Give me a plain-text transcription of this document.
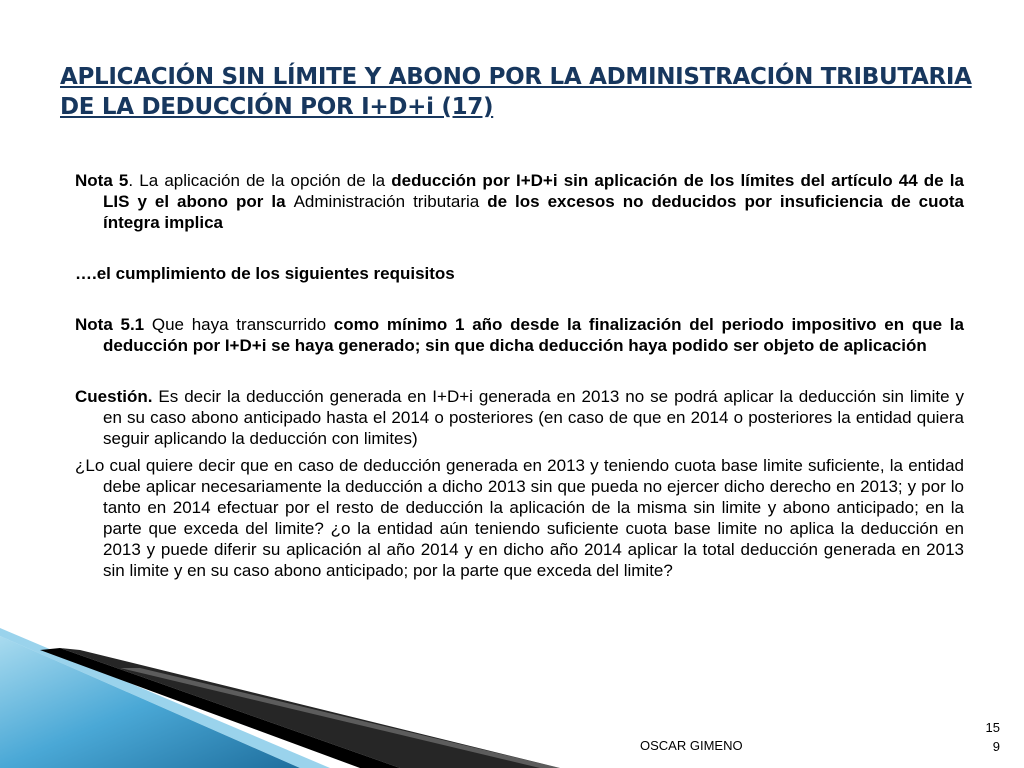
APLICACIÓN SIN LÍMITE Y ABONO POR LA ADMINISTRACIÓN TRIBUTARIA DE LA DEDUCCIÓN POR I+D+i (17)

Nota 5. La aplicación de la opción de la deducción por I+D+i sin aplicación de los límites del artículo 44 de la LIS y el abono por la Administración tributaria de los excesos no deducidos por insuficiencia de cuota íntegra implica

….el cumplimiento de los siguientes requisitos

Nota 5.1 Que haya transcurrido como mínimo 1 año desde la finalización del periodo impositivo en que la deducción por I+D+i se haya generado; sin que dicha deducción haya podido ser objeto de aplicación

Cuestión. Es decir la deducción generada en I+D+i generada en 2013 no se podrá aplicar la deducción sin limite y en su caso abono anticipado hasta el 2014 o posteriores (en caso de que en 2014 o posteriores la entidad quiera seguir aplicando la deducción con limites)

¿Lo cual quiere decir que en caso de deducción generada en 2013 y teniendo cuota base limite suficiente, la entidad debe aplicar necesariamente la deducción a dicho 2013 sin que pueda no ejercer dicho derecho en 2013; y por lo tanto en 2014 efectuar por el resto de deducción la aplicación de la misma sin limite y abono anticipado; en la parte que exceda del limite? ¿o la entidad aún teniendo suficiente cuota base limite no aplica la deducción en 2013 y puede diferir su aplicación al año 2014 y en dicho año 2014 aplicar la total deducción generada en 2013 sin limite y en su caso abono anticipado; por la parte que exceda del limite?

OSCAR GIMENO
15
9
